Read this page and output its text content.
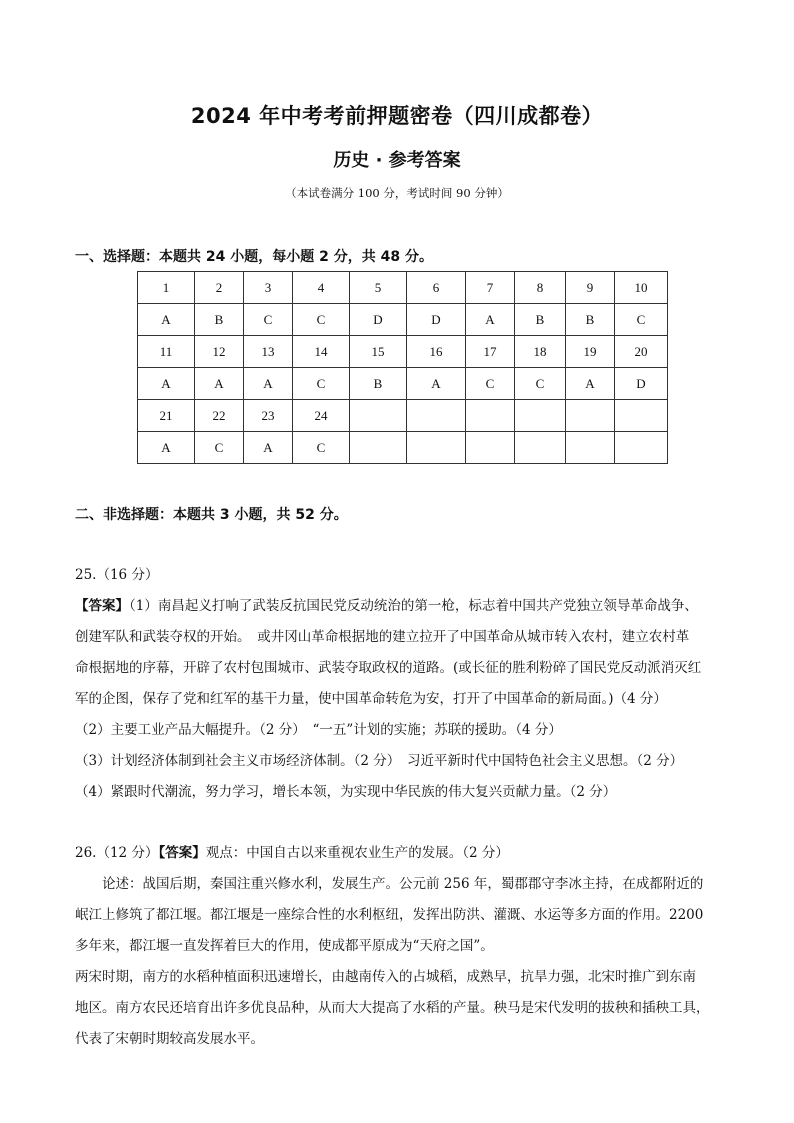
2024 年中考考前押题密卷（四川成都卷）
历史 · 参考答案
（本试卷满分 100 分，考试时间 90 分钟）
一、选择题：本题共 24 小题，每小题 2 分，共 48 分。
1	2	3	4	5	6	7	8	9	10
A	B	C	C	D	D	A	B	B	C
11	12	13	14	15	16	17	18	19	20
A	A	A	C	B	A	C	C	A	D
21	22	23	24						
A	C	A	C						
二、非选择题：本题共 3 小题，共 52 分。

25.（16 分）

【答案】（1）南昌起义打响了武装反抗国民党反动统治的第一枪，标志着中国共产党独立领导革命战争、

创建军队和武装夺权的开始。　或井冈山革命根据地的建立拉开了中国革命从城市转入农村，建立农村革

命根据地的序幕，开辟了农村包围城市、武装夺取政权的道路。(或长征的胜利粉碎了国民党反动派消灭红

军的企图，保存了党和红军的基干力量，使中国革命转危为安，打开了中国革命的新局面。)（4 分）

（2）主要工业产品大幅提升。（2 分）　“一五”计划的实施；苏联的援助。（4 分）

（3）计划经济体制到社会主义市场经济体制。（2 分）　习近平新时代中国特色社会主义思想。（2 分）

（4）紧跟时代潮流，努力学习，增长本领，为实现中华民族的伟大复兴贡献力量。（2 分）

26.（12 分）【答案】观点：中国自古以来重视农业生产的发展。（2 分）

　　论述：战国后期，秦国注重兴修水利，发展生产。公元前 256 年，蜀郡郡守李冰主持，在成都附近的

岷江上修筑了都江堰。都江堰是一座综合性的水利枢纽，发挥出防洪、灌溉、水运等多方面的作用。2200

多年来，都江堰一直发挥着巨大的作用，使成都平原成为“天府之国”。

两宋时期，南方的水稻种植面积迅速增长，由越南传入的占城稻，成熟早，抗旱力强，北宋时推广到东南

地区。南方农民还培育出许多优良品种，从而大大提高了水稻的产量。秧马是宋代发明的拔秧和插秧工具，

代表了宋朝时期较高发展水平。
